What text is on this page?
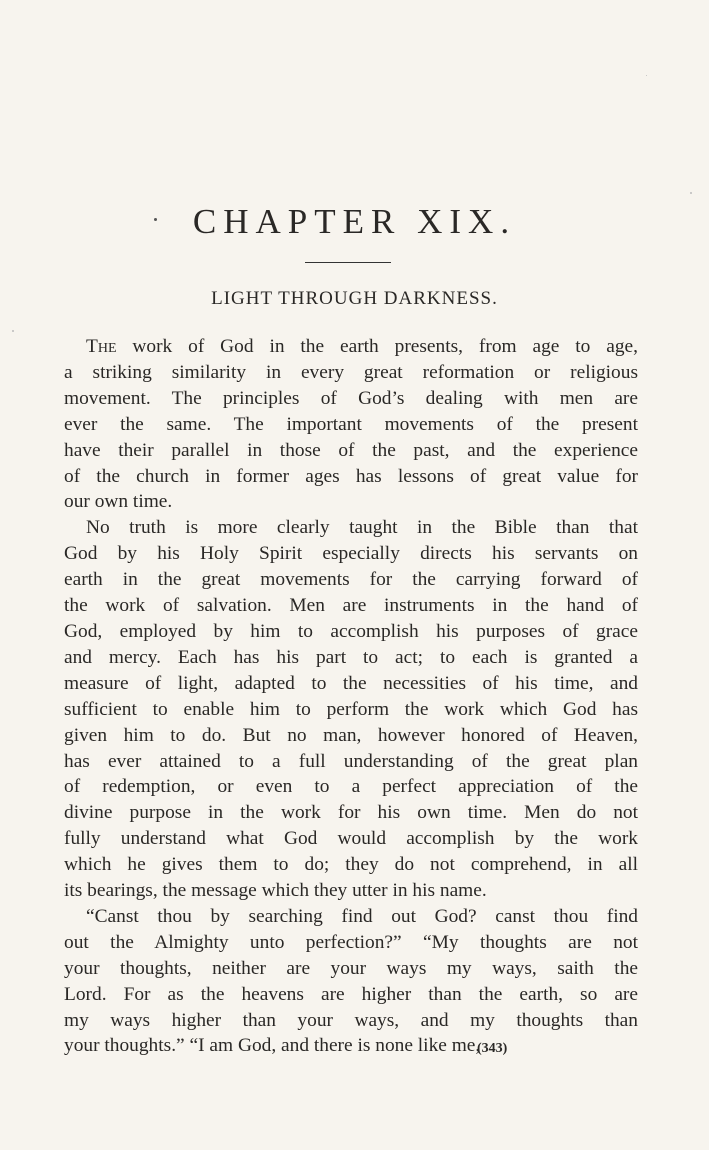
CHAPTER XIX.
LIGHT THROUGH DARKNESS.
The work of God in the earth presents, from age to age,
a striking similarity in every great reformation or religious
movement. The principles of God’s dealing with men are
ever the same. The important movements of the present
have their parallel in those of the past, and the experience
of the church in former ages has lessons of great value for
our own time.
No truth is more clearly taught in the Bible than that
God by his Holy Spirit especially directs his servants on
earth in the great movements for the carrying forward of
the work of salvation. Men are instruments in the hand of
God, employed by him to accomplish his purposes of grace
and mercy. Each has his part to act; to each is granted a
measure of light, adapted to the necessities of his time, and
sufficient to enable him to perform the work which God has
given him to do. But no man, however honored of Heaven,
has ever attained to a full understanding of the great plan
of redemption, or even to a perfect appreciation of the
divine purpose in the work for his own time. Men do not
fully understand what God would accomplish by the work
which he gives them to do; they do not comprehend, in all
its bearings, the message which they utter in his name.
“Canst thou by searching find out God? canst thou find
out the Almighty unto perfection?” “My thoughts are not
your thoughts, neither are your ways my ways, saith the
Lord. For as the heavens are higher than the earth, so are
my ways higher than your ways, and my thoughts than
your thoughts.” “I am God, and there is none like me,

(343)
